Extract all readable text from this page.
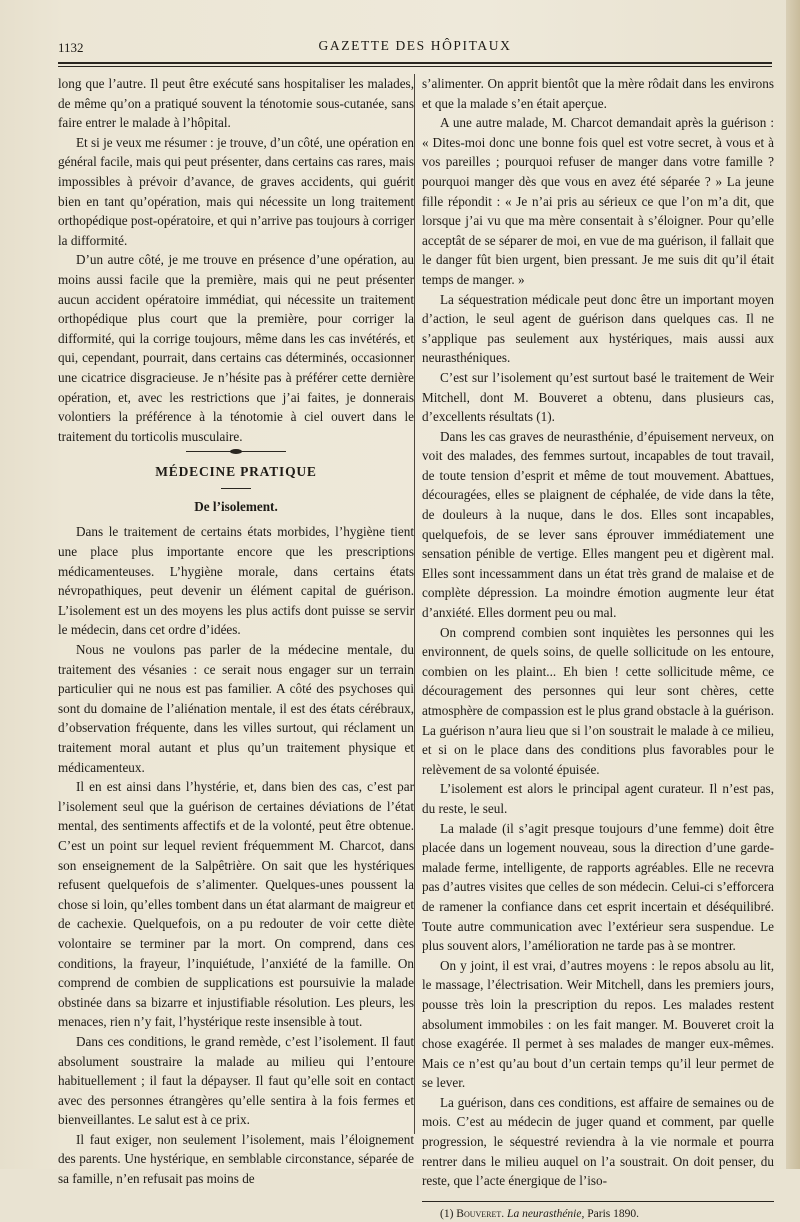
1132	GAZETTE DES HÔPITAUX

long que l’autre. Il peut être exécuté sans hospitaliser les malades, de même qu’on a pratiqué souvent la ténotomie sous-cutanée, sans faire entrer le malade à l’hôpital.

Et si je veux me résumer : je trouve, d’un côté, une opération en général facile, mais qui peut présenter, dans certains cas rares, mais impossibles à prévoir d’avance, de graves accidents, qui guérit bien en tant qu’opération, mais qui nécessite un long traitement orthopédique post-opératoire, et qui n’arrive pas toujours à corriger la difformité.

D’un autre côté, je me trouve en présence d’une opération, au moins aussi facile que la première, mais qui ne peut présenter aucun accident opératoire immédiat, qui nécessite un traitement orthopédique plus court que la première, pour corriger la difformité, qui la corrige toujours, même dans les cas invétérés, et qui, cependant, pourrait, dans certains cas déterminés, occasionner une cicatrice disgracieuse. Je n’hésite pas à préférer cette dernière opération, et, avec les restrictions que j’ai faites, je donnerais volontiers la préférence à la ténotomie à ciel ouvert dans le traitement du torticolis musculaire.

MÉDECINE PRATIQUE
De l’isolement.

Dans le traitement de certains états morbides, l’hygiène tient une place plus importante encore que les prescriptions médicamenteuses. L’hygiène morale, dans certains états névropathiques, peut devenir un élément capital de guérison. L’isolement est un des moyens les plus actifs dont puisse se servir le médecin, dans cet ordre d’idées.

Nous ne voulons pas parler de la médecine mentale, du traitement des vésanies : ce serait nous engager sur un terrain particulier qui ne nous est pas familier. A côté des psychoses qui sont du domaine de l’aliénation mentale, il est des états cérébraux, d’observation fréquente, dans les villes surtout, qui réclament un traitement moral autant et plus qu’un traitement physique et médicamenteux.

Il en est ainsi dans l’hystérie, et, dans bien des cas, c’est par l’isolement seul que la guérison de certaines déviations de l’état mental, des sentiments affectifs et de la volonté, peut être obtenue. C’est un point sur lequel revient fréquemment M. Charcot, dans son enseignement de la Salpêtrière. On sait que les hystériques refusent quelquefois de s’alimenter. Quelques-unes poussent la chose si loin, qu’elles tombent dans un état alarmant de maigreur et de cachexie. Quelquefois, on a pu redouter de voir cette diète volontaire se terminer par la mort. On comprend, dans ces conditions, la frayeur, l’inquiétude, l’anxiété de la famille. On comprend de combien de supplications est poursuivie la malade obstinée dans sa bizarre et injustifiable résolution. Les pleurs, les menaces, rien n’y fait, l’hystérique reste insensible à tout.

Dans ces conditions, le grand remède, c’est l’isolement. Il faut absolument soustraire la malade au milieu qui l’entoure habituellement ; il faut la dépayser. Il faut qu’elle soit en contact avec des personnes étrangères qu’elle sentira à la fois fermes et bienveillantes. Le salut est à ce prix.

Il faut exiger, non seulement l’isolement, mais l’éloignement des parents. Une hystérique, en semblable circonstance, séparée de sa famille, n’en refusait pas moins de

s’alimenter. On apprit bientôt que la mère rôdait dans les environs et que la malade s’en était aperçue.

A une autre malade, M. Charcot demandait après la guérison : « Dites-moi donc une bonne fois quel est votre secret, à vous et à vos pareilles ; pourquoi refuser de manger dans votre famille ? pourquoi manger dès que vous en avez été séparée ? » La jeune fille répondit : « Je n’ai pris au sérieux ce que l’on m’a dit, que lorsque j’ai vu que ma mère consentait à s’éloigner. Pour qu’elle acceptât de se séparer de moi, en vue de ma guérison, il fallait que le danger fût bien urgent, bien pressant. Je me suis dit qu’il était temps de manger. »

La séquestration médicale peut donc être un important moyen d’action, le seul agent de guérison dans quelques cas. Il ne s’applique pas seulement aux hystériques, mais aussi aux neurasthéniques.

C’est sur l’isolement qu’est surtout basé le traitement de Weir Mitchell, dont M. Bouveret a obtenu, dans plusieurs cas, d’excellents résultats (1).

Dans les cas graves de neurasthénie, d’épuisement nerveux, on voit des malades, des femmes surtout, incapables de tout travail, de toute tension d’esprit et même de tout mouvement. Abattues, découragées, elles se plaignent de céphalée, de vide dans la tête, de douleurs à la nuque, dans le dos. Elles sont incapables, quelquefois, de se lever sans éprouver immédiatement une sensation pénible de vertige. Elles mangent peu et digèrent mal. Elles sont incessamment dans un état très grand de malaise et de complète dépression. La moindre émotion augmente leur état d’anxiété. Elles dorment peu ou mal.

On comprend combien sont inquiètes les personnes qui les environnent, de quels soins, de quelle sollicitude on les entoure, combien on les plaint... Eh bien ! cette sollicitude même, ce découragement des personnes qui leur sont chères, cette atmosphère de compassion est le plus grand obstacle à la guérison. La guérison n’aura lieu que si l’on soustrait le malade à ce milieu, et si on le place dans des conditions plus favorables pour le relèvement de sa volonté épuisée.

L’isolement est alors le principal agent curateur. Il n’est pas, du reste, le seul.

La malade (il s’agit presque toujours d’une femme) doit être placée dans un logement nouveau, sous la direction d’une garde-malade ferme, intelligente, de rapports agréables. Elle ne recevra pas d’autres visites que celles de son médecin. Celui-ci s’efforcera de ramener la confiance dans cet esprit incertain et déséquilibré. Toute autre communication avec l’extérieur sera suspendue. Le plus souvent alors, l’amélioration ne tarde pas à se montrer.

On y joint, il est vrai, d’autres moyens : le repos absolu au lit, le massage, l’électrisation. Weir Mitchell, dans les premiers jours, pousse très loin la prescription du repos. Les malades restent absolument immobiles : on les fait manger. M. Bouveret croit la chose exagérée. Il permet à ses malades de manger eux-mêmes. Mais ce n’est qu’au bout d’un certain temps qu’il leur permet de se lever.

La guérison, dans ces conditions, est affaire de semaines ou de mois. C’est au médecin de juger quand et comment, par quelle progression, le séquestré reviendra à la vie normale et pourra rentrer dans le milieu auquel on l’a soustrait. On doit penser, du reste, que l’acte énergique de l’iso-

(1) Bouveret. La neurasthénie, Paris 1890.
